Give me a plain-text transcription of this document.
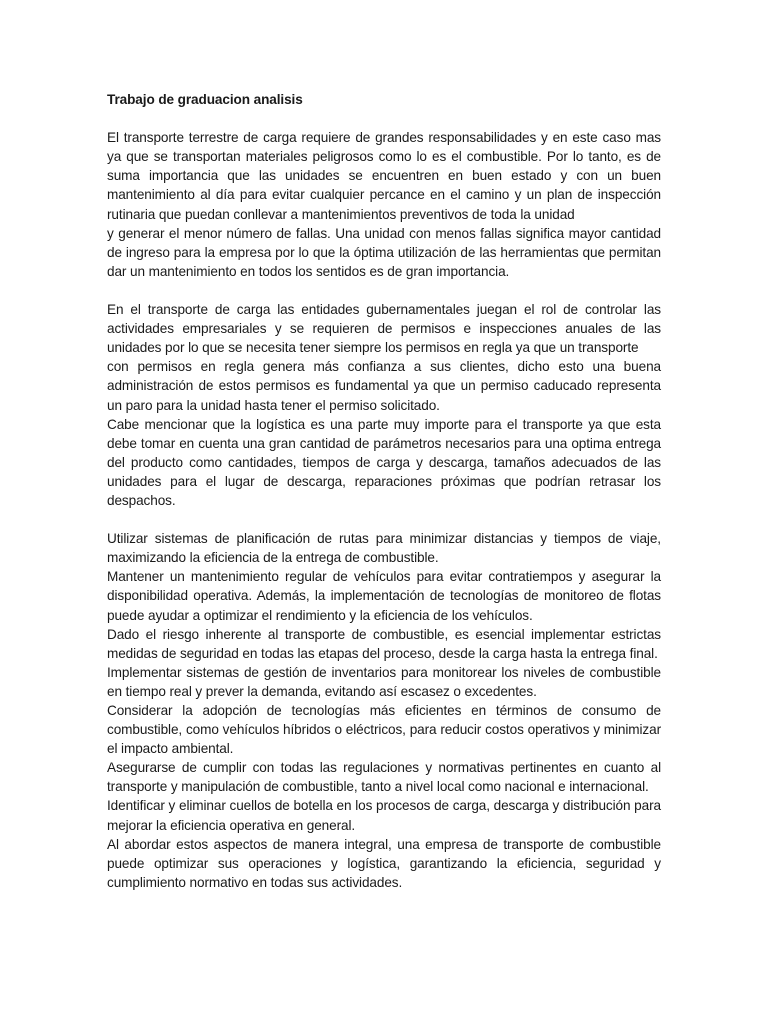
Trabajo de graduacion analisis

El transporte terrestre de carga requiere de grandes responsabilidades y en este caso mas ya que se transportan materiales peligrosos como lo es el combustible. Por lo tanto, es de suma importancia que las unidades se encuentren en buen estado y con un buen mantenimiento al día para evitar cualquier percance en el camino y un plan de inspección rutinaria que puedan conllevar a mantenimientos preventivos de toda la unidad

y generar el menor número de fallas. Una unidad con menos fallas significa mayor cantidad de ingreso para la empresa por lo que la óptima utilización de las herramientas que permitan dar un mantenimiento en todos los sentidos es de gran importancia.

En el transporte de carga las entidades gubernamentales juegan el rol de controlar las actividades empresariales y se requieren de permisos e inspecciones anuales de las unidades por lo que se necesita tener siempre los permisos en regla ya que un transporte

con permisos en regla genera más confianza a sus clientes, dicho esto una buena administración de estos permisos es fundamental ya que un permiso caducado representa un paro para la unidad hasta tener el permiso solicitado.

Cabe mencionar que la logística es una parte muy importe para el transporte ya que esta debe tomar en cuenta una gran cantidad de parámetros necesarios para una optima entrega del producto como cantidades, tiempos de carga y descarga, tamaños adecuados de las unidades para el lugar de descarga, reparaciones próximas que podrían retrasar los despachos.

Utilizar sistemas de planificación de rutas para minimizar distancias y tiempos de viaje, maximizando la eficiencia de la entrega de combustible.

Mantener un mantenimiento regular de vehículos para evitar contratiempos y asegurar la disponibilidad operativa. Además, la implementación de tecnologías de monitoreo de flotas puede ayudar a optimizar el rendimiento y la eficiencia de los vehículos.

Dado el riesgo inherente al transporte de combustible, es esencial implementar estrictas medidas de seguridad en todas las etapas del proceso, desde la carga hasta la entrega final.

Implementar sistemas de gestión de inventarios para monitorear los niveles de combustible en tiempo real y prever la demanda, evitando así escasez o excedentes.

Considerar la adopción de tecnologías más eficientes en términos de consumo de combustible, como vehículos híbridos o eléctricos, para reducir costos operativos y minimizar el impacto ambiental.

Asegurarse de cumplir con todas las regulaciones y normativas pertinentes en cuanto al transporte y manipulación de combustible, tanto a nivel local como nacional e internacional.

Identificar y eliminar cuellos de botella en los procesos de carga, descarga y distribución para mejorar la eficiencia operativa en general.

Al abordar estos aspectos de manera integral, una empresa de transporte de combustible puede optimizar sus operaciones y logística, garantizando la eficiencia, seguridad y cumplimiento normativo en todas sus actividades.
